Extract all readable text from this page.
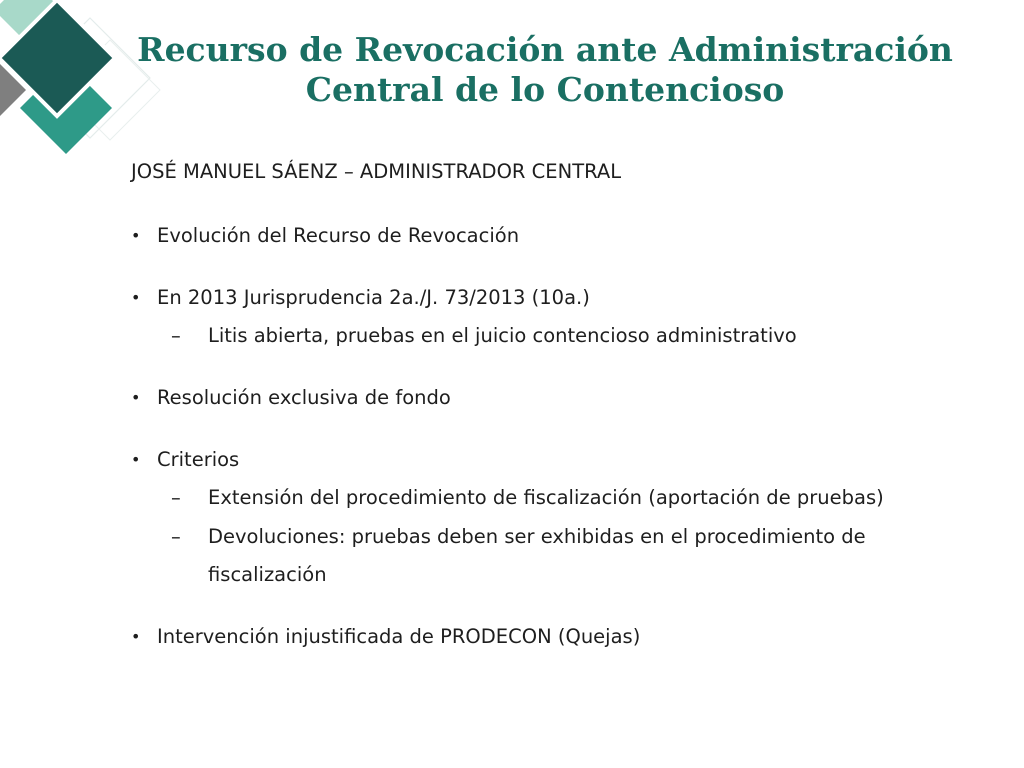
Recurso de Revocación ante Administración
Central de lo Contencioso
JOSÉ MANUEL SÁENZ – ADMINISTRADOR CENTRAL
• Evolución del Recurso de Revocación
• En 2013 Jurisprudencia 2a./J. 73/2013 (10a.)
– Litis abierta, pruebas en el juicio contencioso administrativo
• Resolución exclusiva de fondo
• Criterios
– Extensión del procedimiento de fiscalización (aportación de pruebas)
– Devoluciones: pruebas deben ser exhibidas en el procedimiento de
fiscalización
• Intervención injustificada de PRODECON (Quejas)
